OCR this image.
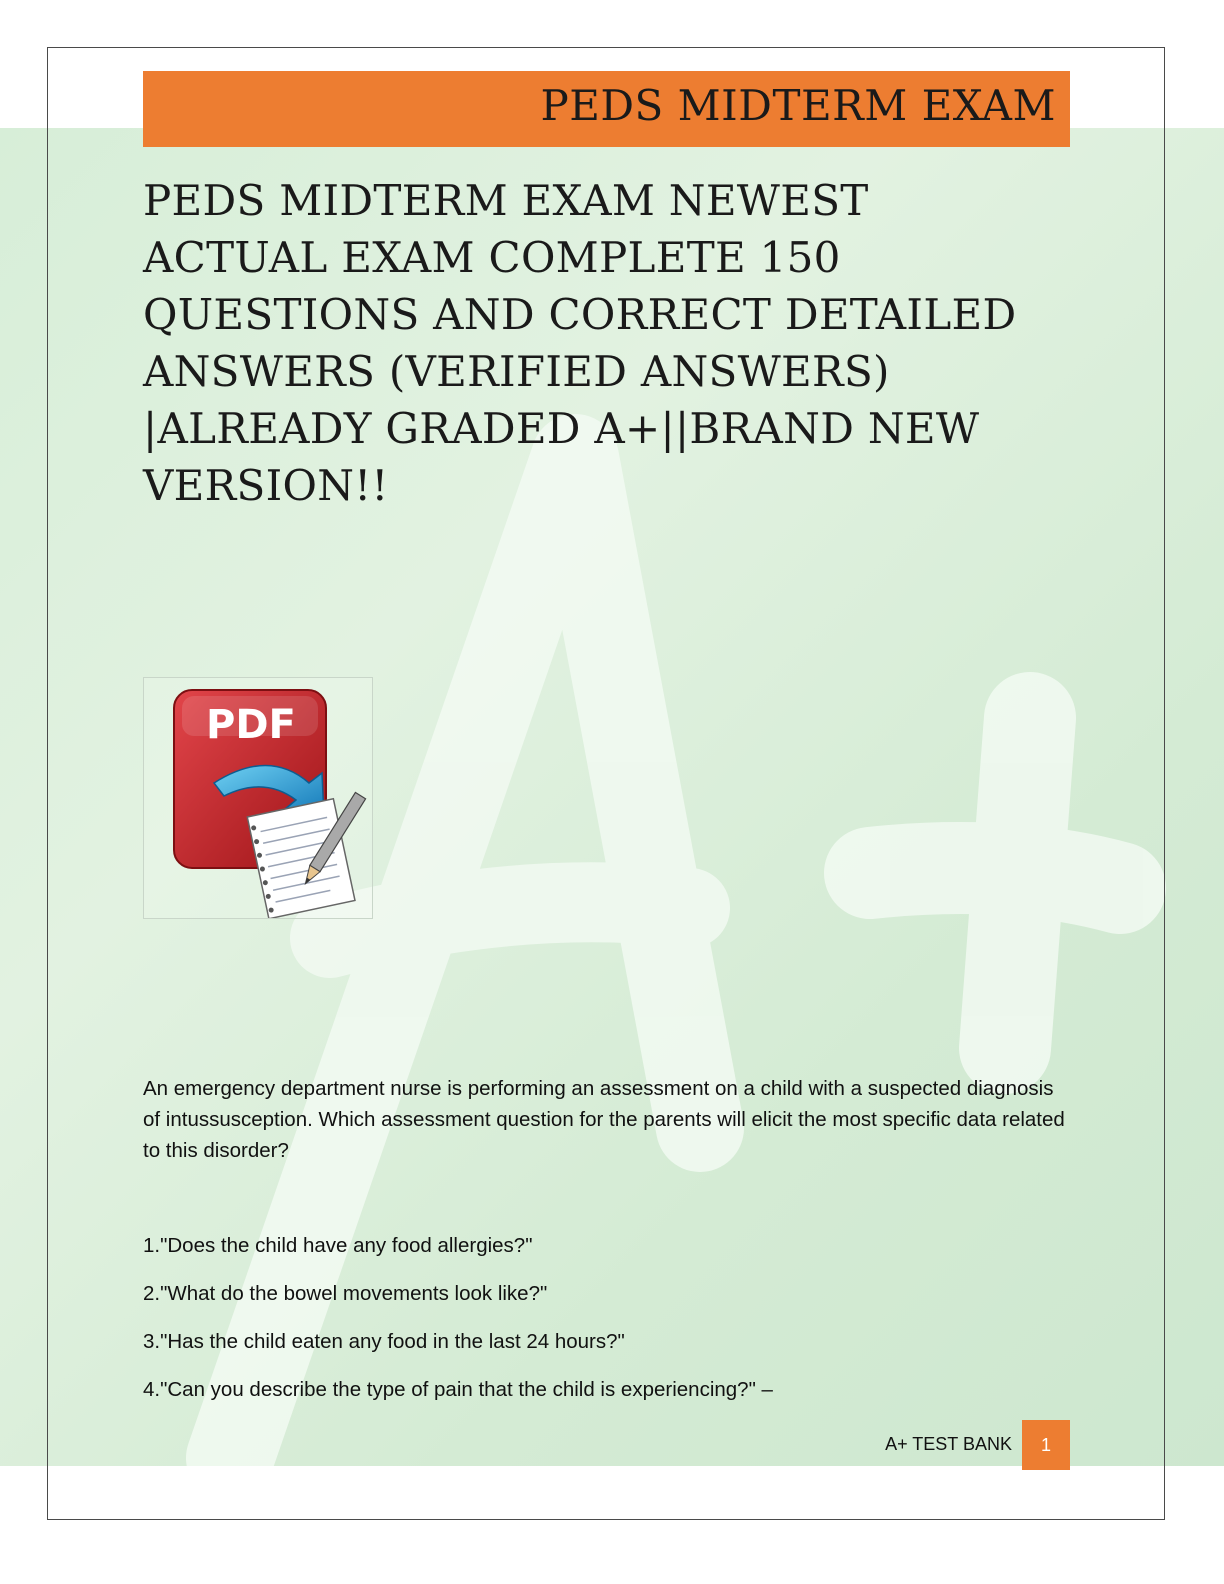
PEDS MIDTERM EXAM
PEDS MIDTERM EXAM NEWEST ACTUAL EXAM COMPLETE 150 QUESTIONS AND CORRECT DETAILED ANSWERS (VERIFIED ANSWERS) |ALREADY GRADED A+||BRAND NEW VERSION!!
PDF

An emergency department nurse is performing an assessment on a child with a suspected diagnosis of intussusception. Which assessment question for the parents will elicit the most specific data related to this disorder?

1."Does the child have any food allergies?"
2."What do the bowel movements look like?"
3."Has the child eaten any food in the last 24 hours?"
4."Can you describe the type of pain that the child is experiencing?" –
A+ TEST BANK	1
